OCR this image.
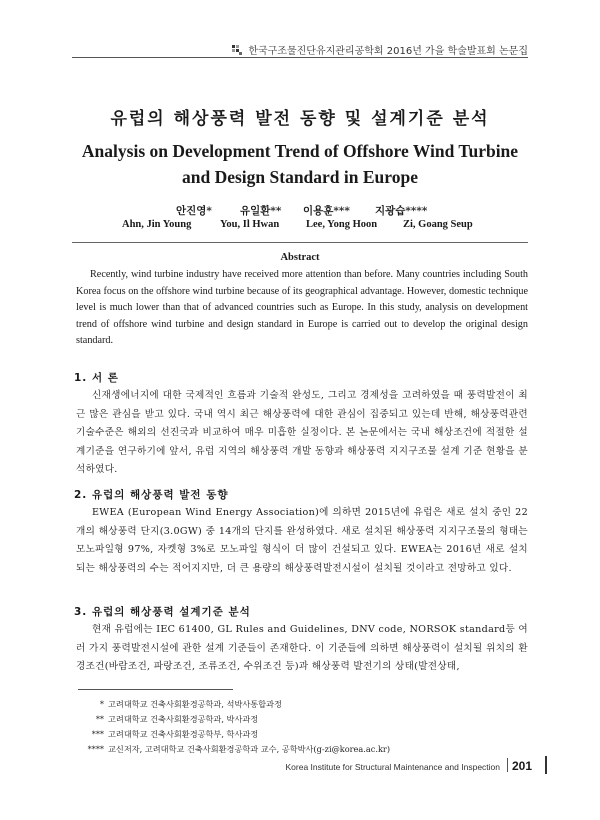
한국구조물진단유지관리공학회 2016년 가을 학술발표회 논문집
유럽의 해상풍력 발전 동향 및 설계기준 분석
Analysis on Development Trend of Offshore Wind Turbine
and Design Standard in Europe
안진영*	유일환** 이용훈*** 지광습****
Ahn, Jin Young	You, Il Hwan	Lee, Yong Hoon Zi, Goang Seup
Abstract
Recently, wind turbine industry have received more attention than before. Many countries including South Korea focus on the offshore wind turbine because of its geographical advantage. However, domestic technique level is much lower than that of advanced countries such as Europe. In this study, analysis on development trend of offshore wind turbine and design standard in Europe is carried out to develop the original design standard.
1. 서 론
신재생에너지에 대한 국제적인 흐름과 기술적 완성도, 그리고 경제성을 고려하였을 때 풍력발전이 최근 많은 관심을 받고 있다. 국내 역시 최근 해상풍력에 대한 관심이 집중되고 있는데 반해, 해상풍력관련 기술수준은 해외의 선진국과 비교하여 매우 미흡한 실정이다. 본 논문에서는 국내 해상조건에 적절한 설계기준을 연구하기에 앞서, 유럽 지역의 해상풍력 개발 동향과 해상풍력 지지구조물 설계 기준 현황을 분석하였다.
2. 유럽의 해상풍력 발전 동향
EWEA (European Wind Energy Association)에 의하면 2015년에 유럽은 새로 설치 중인 22개의 해상풍력 단지(3.0GW) 중 14개의 단지를 완성하였다. 새로 설치된 해상풍력 지지구조물의 형태는 모노파일형 97%, 자켓형 3%로 모노파일 형식이 더 많이 건설되고 있다. EWEA는 2016년 새로 설치되는 해상풍력의 수는 적어지지만, 더 큰 용량의 해상풍력발전시설이 설치될 것이라고 전망하고 있다.
3. 유럽의 해상풍력 설계기준 분석
현재 유럽에는 IEC 61400, GL Rules and Guidelines, DNV code, NORSOK standard등 여러 가지 풍력발전시설에 관한 설계 기준들이 존재한다. 이 기준들에 의하면 해상풍력이 설치될 위치의 환경조건(바람조건, 파랑조건, 조류조건, 수위조건 등)과 해상풍력 발전기의 상태(발전상태,
* 고려대학교 건축사회환경공학과, 석박사통합과정
** 고려대학교 건축사회환경공학과, 박사과정
*** 고려대학교 건축사회환경공학부, 학사과정
**** 교신저자, 고려대학교 건축사회환경공학과 교수, 공학박사(g-zi@korea.ac.kr)
Korea Institute for Structural Maintenance and Inspection 201
